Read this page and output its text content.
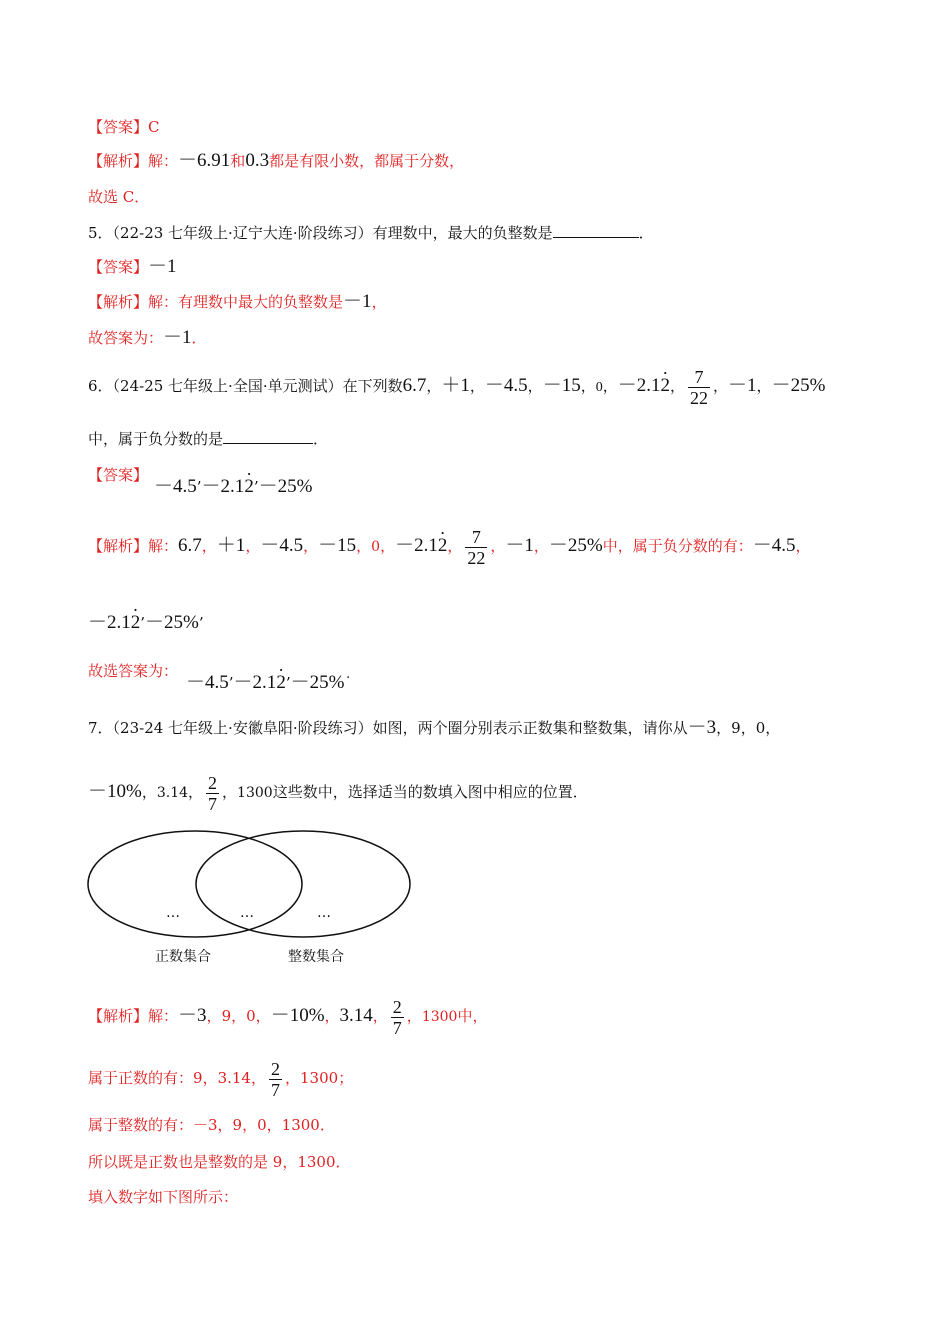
【答案】C
【解析】解：－6.91和0.3都是有限小数，都属于分数，
故选 C．
5．（22-23 七年级上·辽宁大连·阶段练习）有理数中，最大的负整数是	．
【答案】－1
【解析】解：有理数中最大的负整数是－1，
故答案为：－1．
6．（24-25 七年级上·全国·单元测试）在下列数6.7，＋1，－4.5，－15，0，－2.1· 2， $\frac{7}{22}$ ，－1，－25%
中，属于负分数的是	．
【答案】
－4.5’－2.1· 2’－25%
【解析】解：6.7，＋1，－4.5，－15，0，－2.1· 2， $\frac{7}{22}$ ，－1，－25%中，属于负分数的有：－4.5，
－2.1· 2’－25%’
故选答案为：
－4.5’－2.1· 2’－25%˙
7．（23-24 七年级上·安徽阜阳·阶段练习）如图，两个圈分别表示正数集和整数集，请你从－3，9，0，
－10%，3.14， $\frac{2}{7}$ ，1300这些数中，选择适当的数填入图中相应的位置．
…	…	…
正数集合	整数集合
【解析】解：－3，9，0，－10%，3.14， $\frac{2}{7}$ ，1300中，
属于正数的有：9，3.14， $\frac{2}{7}$ ，1300；
属于整数的有：－3，9，0，1300．
所以既是正数也是整数的是 9，1300．
填入数字如下图所示：
